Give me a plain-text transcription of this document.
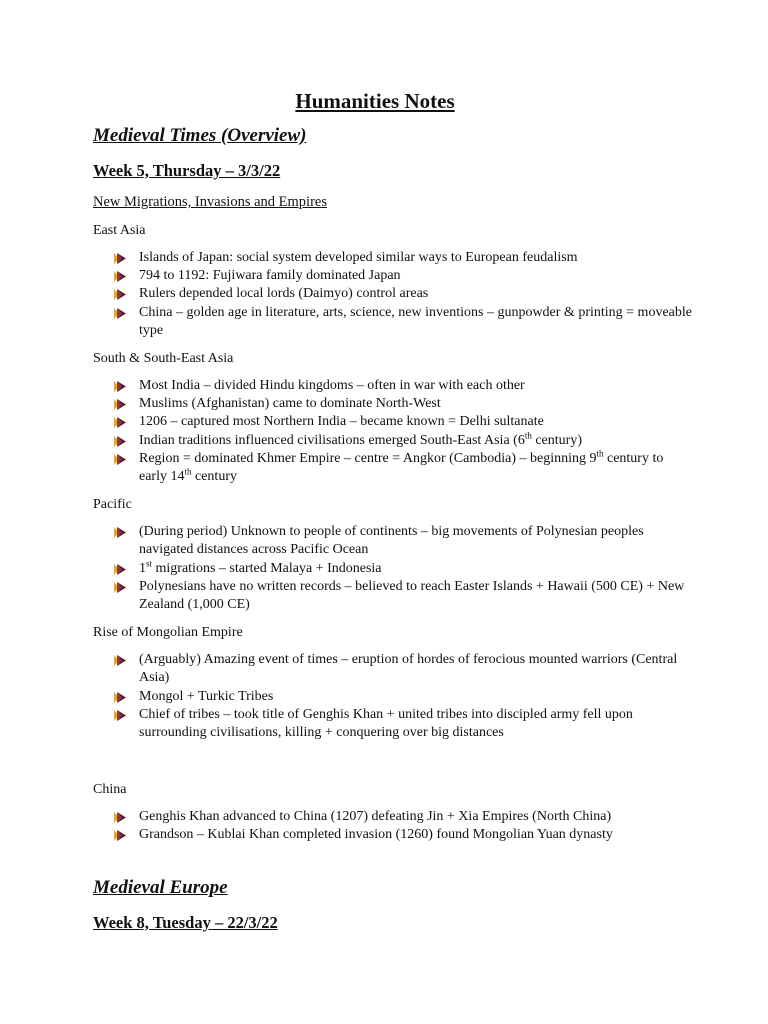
Humanities Notes
Medieval Times (Overview)
Week 5, Thursday – 3/3/22

New Migrations, Invasions and Empires

East Asia

Islands of Japan: social system developed similar ways to European feudalism
794 to 1192: Fujiwara family dominated Japan
Rulers depended local lords (Daimyo) control areas
China – golden age in literature, arts, science, new inventions – gunpowder & printing = moveable type

South & South-East Asia

Most India – divided Hindu kingdoms – often in war with each other
Muslims (Afghanistan) came to dominate North-West
1206 – captured most Northern India – became known = Delhi sultanate
Indian traditions influenced civilisations emerged South-East Asia (6th century)
Region = dominated Khmer Empire – centre = Angkor (Cambodia) – beginning 9th century to early 14th century

Pacific

(During period) Unknown to people of continents – big movements of Polynesian peoples navigated distances across Pacific Ocean
1st migrations – started Malaya + Indonesia
Polynesians have no written records – believed to reach Easter Islands + Hawaii (500 CE) + New Zealand (1,000 CE)

Rise of Mongolian Empire

(Arguably) Amazing event of times – eruption of hordes of ferocious mounted warriors (Central Asia)
Mongol + Turkic Tribes
Chief of tribes – took title of Genghis Khan + united tribes into discipled army fell upon surrounding civilisations, killing + conquering over big distances

China

Genghis Khan advanced to China (1207) defeating Jin + Xia Empires (North China)
Grandson – Kublai Khan completed invasion (1260) found Mongolian Yuan dynasty
Medieval Europe
Week 8, Tuesday – 22/3/22
